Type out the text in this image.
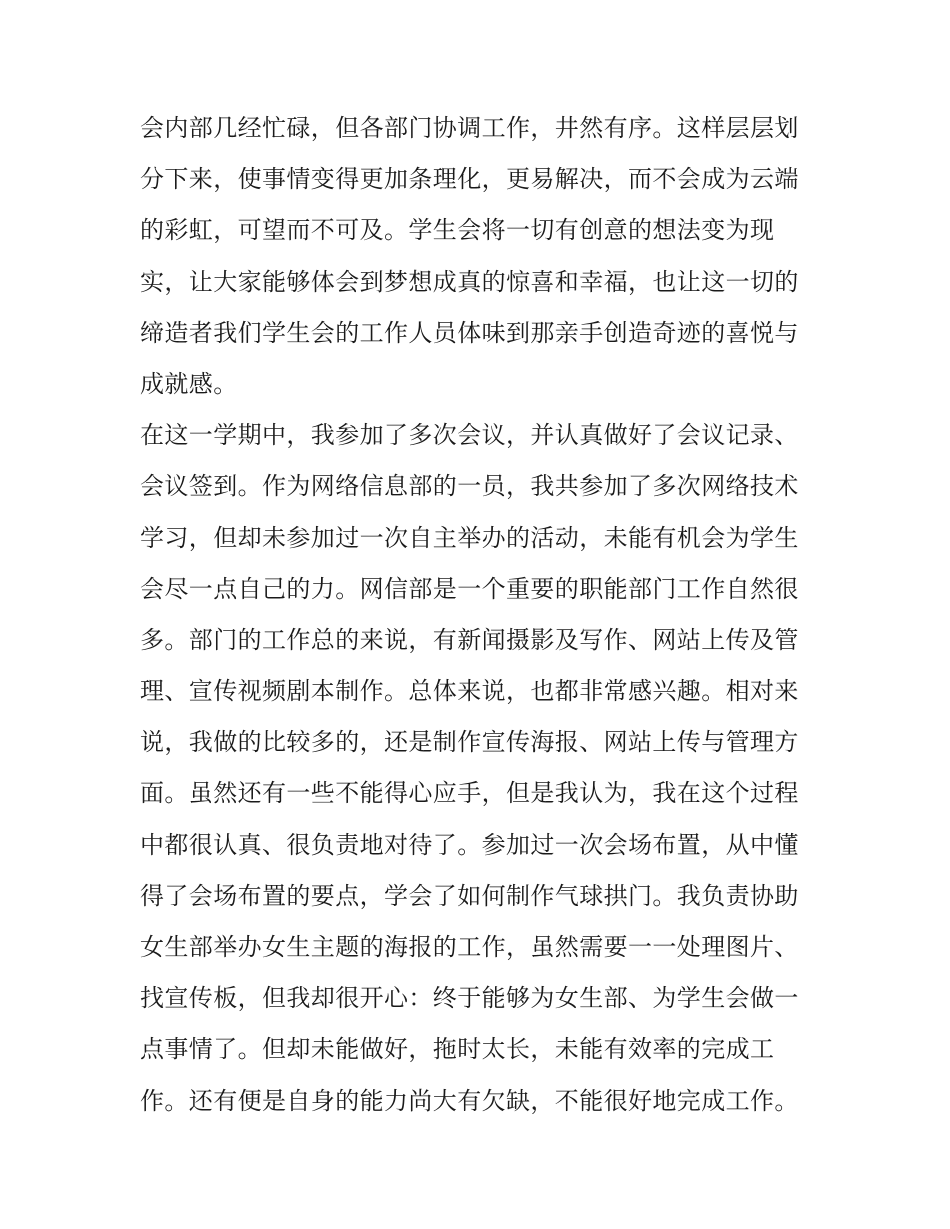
会内部几经忙碌，但各部门协调工作，井然有序。这样层层划
分下来，使事情变得更加条理化，更易解决，而不会成为云端
的彩虹，可望而不可及。学生会将一切有创意的想法变为现
实，让大家能够体会到梦想成真的惊喜和幸福，也让这一切的
缔造者我们学生会的工作人员体味到那亲手创造奇迹的喜悦与
成就感。
在这一学期中，我参加了多次会议，并认真做好了会议记录、
会议签到。作为网络信息部的一员，我共参加了多次网络技术
学习，但却未参加过一次自主举办的活动，未能有机会为学生
会尽一点自己的力。网信部是一个重要的职能部门工作自然很
多。部门的工作总的来说，有新闻摄影及写作、网站上传及管
理、宣传视频剧本制作。总体来说，也都非常感兴趣。相对来
说，我做的比较多的，还是制作宣传海报、网站上传与管理方
面。虽然还有一些不能得心应手，但是我认为，我在这个过程
中都很认真、很负责地对待了。参加过一次会场布置，从中懂
得了会场布置的要点，学会了如何制作气球拱门。我负责协助
女生部举办女生主题的海报的工作，虽然需要一一处理图片、
找宣传板，但我却很开心：终于能够为女生部、为学生会做一
点事情了。但却未能做好，拖时太长，未能有效率的完成工
作。还有便是自身的能力尚大有欠缺，不能很好地完成工作。
